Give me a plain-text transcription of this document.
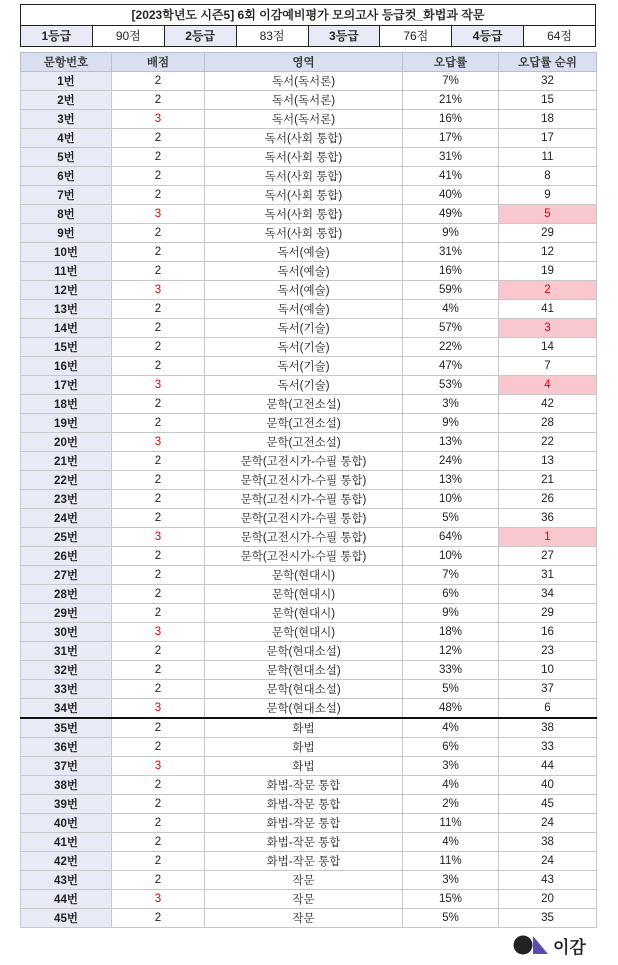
[2023학년도 시즌5] 6회 이감예비평가 모의고사 등급컷_화법과 작문
1등급	90점	2등급	83점	3등급	76점	4등급	64점
문항번호	배점	영역	오답률	오답률 순위
1번	2	독서(독서론)	7%	32
2번	2	독서(독서론)	21%	15
3번	3	독서(독서론)	16%	18
4번	2	독서(사회 통합)	17%	17
5번	2	독서(사회 통합)	31%	11
6번	2	독서(사회 통합)	41%	8
7번	2	독서(사회 통합)	40%	9
8번	3	독서(사회 통합)	49%	5
9번	2	독서(사회 통합)	9%	29
10번	2	독서(예술)	31%	12
11번	2	독서(예술)	16%	19
12번	3	독서(예술)	59%	2
13번	2	독서(예술)	4%	41
14번	2	독서(기술)	57%	3
15번	2	독서(기술)	22%	14
16번	2	독서(기술)	47%	7
17번	3	독서(기술)	53%	4
18번	2	문학(고전소설)	3%	42
19번	2	문학(고전소설)	9%	28
20번	3	문학(고전소설)	13%	22
21번	2	문학(고전시가-수필 통합)	24%	13
22번	2	문학(고전시가-수필 통합)	13%	21
23번	2	문학(고전시가-수필 통합)	10%	26
24번	2	문학(고전시가-수필 통합)	5%	36
25번	3	문학(고전시가-수필 통합)	64%	1
26번	2	문학(고전시가-수필 통합)	10%	27
27번	2	문학(현대시)	7%	31
28번	2	문학(현대시)	6%	34
29번	2	문학(현대시)	9%	29
30번	3	문학(현대시)	18%	16
31번	2	문학(현대소설)	12%	23
32번	2	문학(현대소설)	33%	10
33번	2	문학(현대소설)	5%	37
34번	3	문학(현대소설)	48%	6
35번	2	화법	4%	38
36번	2	화법	6%	33
37번	3	화법	3%	44
38번	2	화법-작문 통합	4%	40
39번	2	화법-작문 통합	2%	45
40번	2	화법-작문 통합	11%	24
41번	2	화법-작문 통합	4%	38
42번	2	화법-작문 통합	11%	24
43번	2	작문	3%	43
44번	3	작문	15%	20
45번	2	작문	5%	35
이감
